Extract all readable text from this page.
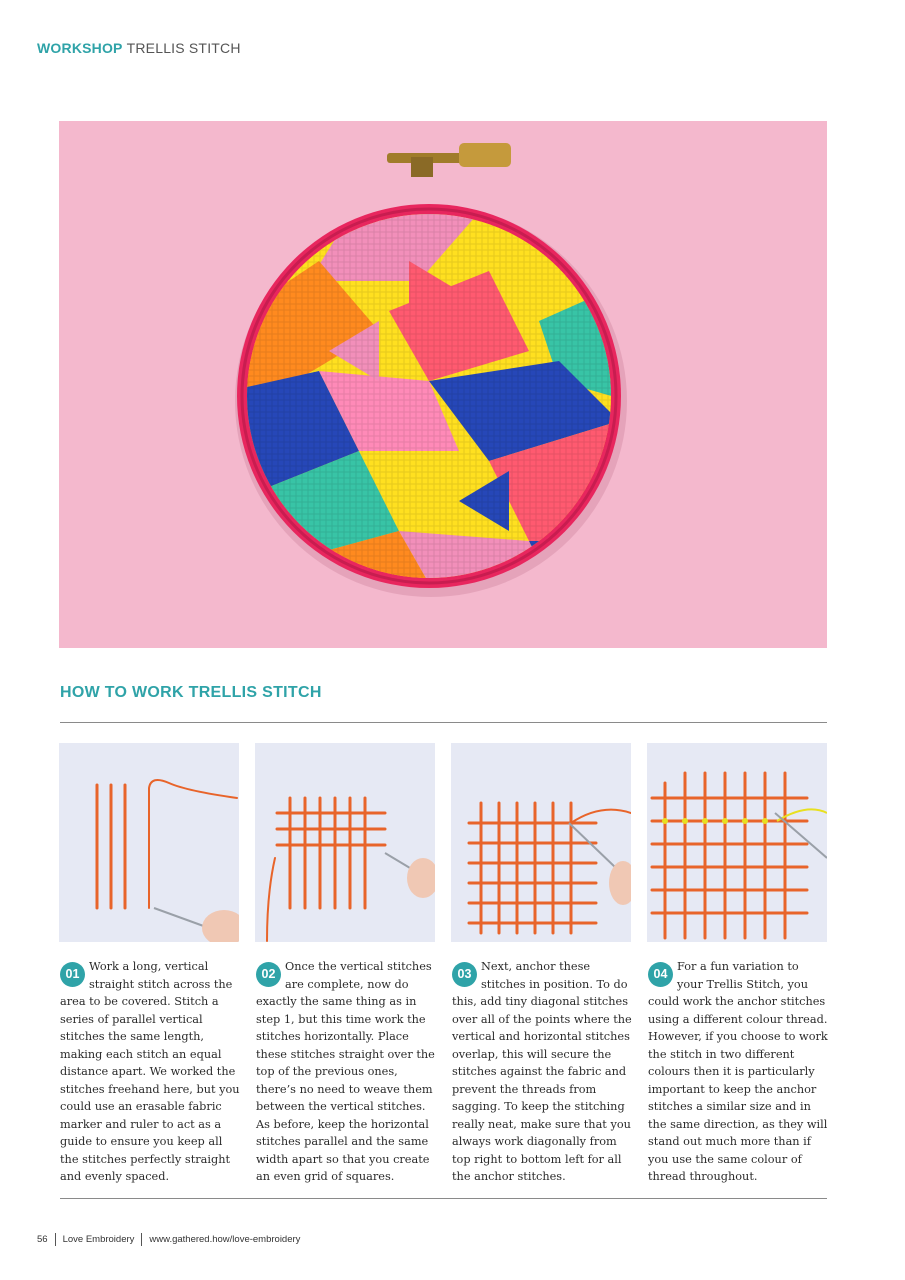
WORKSHOP TRELLIS STITCH
HOW TO WORK TRELLIS STITCH
01
Work a long, vertical straight stitch across the area to be covered. Stitch a series of parallel vertical stitches the same length, making each stitch an equal distance apart. We worked the stitches freehand here, but you could use an erasable fabric marker and ruler to act as a guide to ensure you keep all the stitches perfectly straight and evenly spaced.
02
Once the vertical stitches are complete, now do exactly the same thing as in step 1, but this time work the stitches horizontally. Place these stitches straight over the top of the previous ones, there’s no need to weave them between the vertical stitches. As before, keep the horizontal stitches parallel and the same width apart so that you create an even grid of squares.
03
Next, anchor these stitches in position. To do this, add tiny diagonal stitches over all of the points where the vertical and horizontal stitches overlap, this will secure the stitches against the fabric and prevent the threads from sagging. To keep the stitching really neat, make sure that you always work diagonally from top right to bottom left for all the anchor stitches.
04
For a fun variation to your Trellis Stitch, you could work the anchor stitches using a different colour thread. However, if you choose to work the stitch in two different colours then it is particularly important to keep the anchor stitches a similar size and in the same direction, as they will stand out much more than if you use the same colour of thread throughout.
56 Love Embroidery www.gathered.how/love-embroidery
